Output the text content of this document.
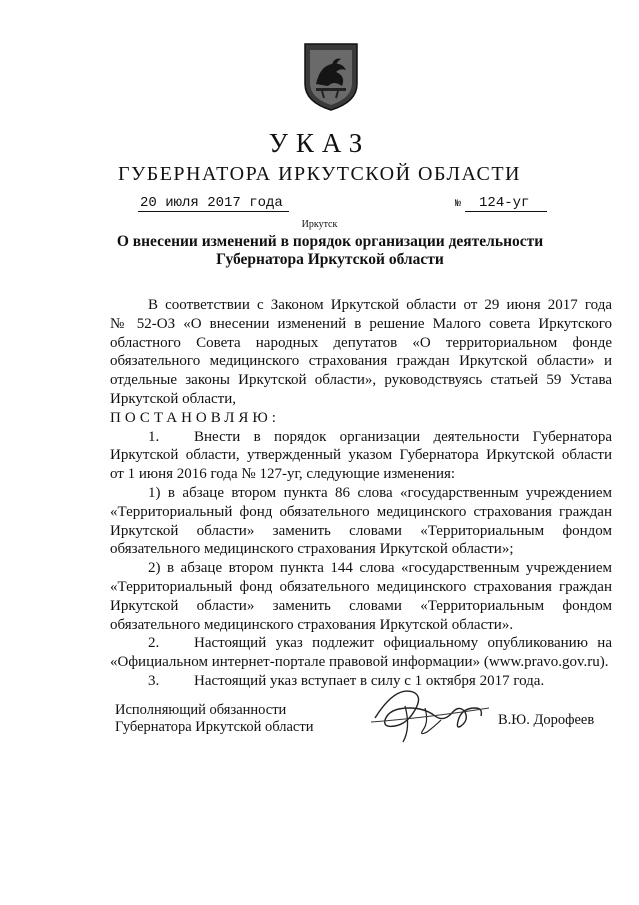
УКАЗ
ГУБЕРНАТОРА ИРКУТСКОЙ ОБЛАСТИ
20 июля 2017 года	№ 124-уг
Иркутск
О внесении изменений в порядок организации деятельности
Губернатора Иркутской области

В соответствии с Законом Иркутской области от 29 июня 2017 года

№ 52-ОЗ «О внесении изменений в решение Малого совета Иркутского

областного Совета народных депутатов «О территориальном фонде

обязательного медицинского страхования граждан Иркутской области» и

отдельные законы Иркутской области», руководствуясь статьей 59 Устава

Иркутской области,

ПОСТАНОВЛЯЮ:

1. Внести в порядок организации деятельности Губернатора

Иркутской области, утвержденный указом Губернатора Иркутской области

от 1 июня 2016 года № 127-уг, следующие изменения:

1) в абзаце втором пункта 86 слова «государственным учреждением

«Территориальный фонд обязательного медицинского страхования граждан

Иркутской области» заменить словами «Территориальным фондом

обязательного медицинского страхования Иркутской области»;

2) в абзаце втором пункта 144 слова «государственным учреждением

«Территориальный фонд обязательного медицинского страхования граждан

Иркутской области» заменить словами «Территориальным фондом

обязательного медицинского страхования Иркутской области».

2. Настоящий указ подлежит официальному опубликованию на

«Официальном интернет-портале правовой информации» (www.pravo.gov.ru).

3. Настоящий указ вступает в силу с 1 октября 2017 года.

Исполняющий обязанности
Губернатора Иркутской области	В.Ю. Дорофеев
